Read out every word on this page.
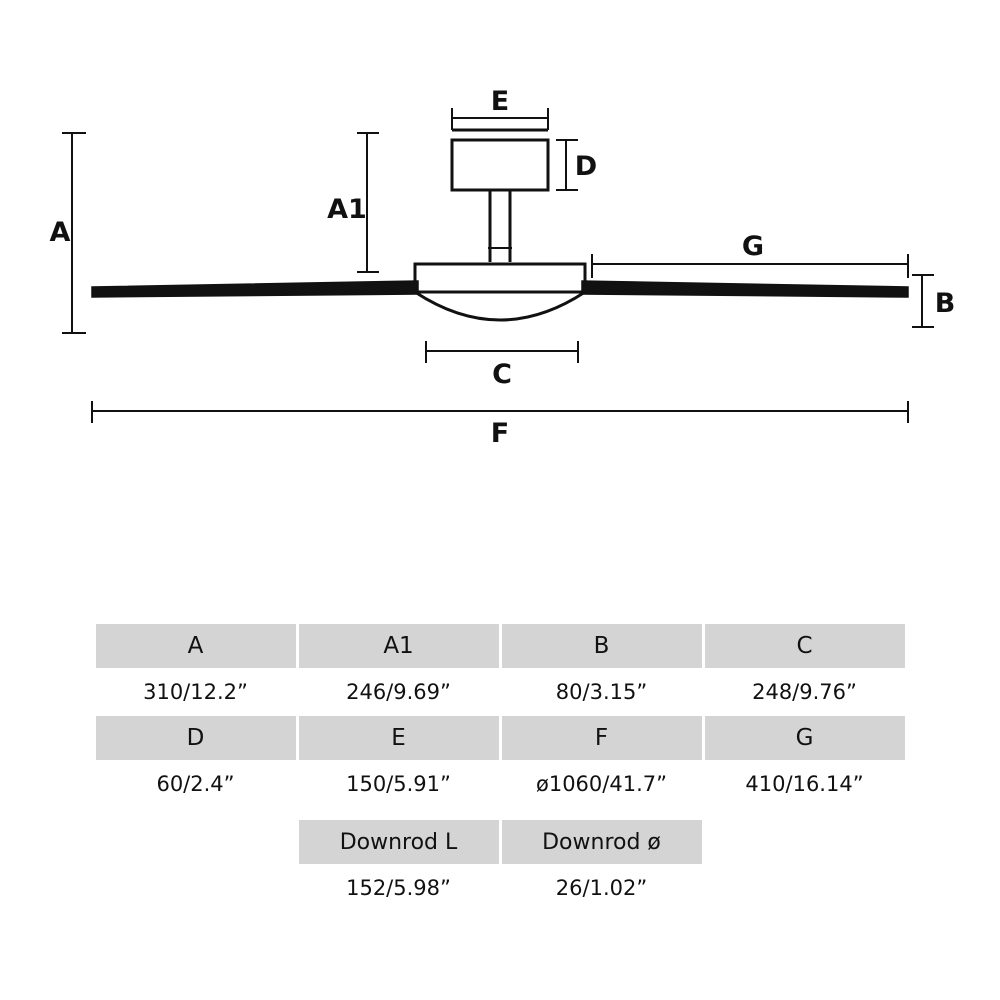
A
A1
E
D
G
B
C
F
A	A1	B	C
310/12.2”	246/9.69”	80/3.15”	248/9.76”
D	E	F	G
60/2.4”	150/5.91”	ø1060/41.7”	410/16.14”
Downrod L	Downrod ø
152/5.98”	26/1.02”
